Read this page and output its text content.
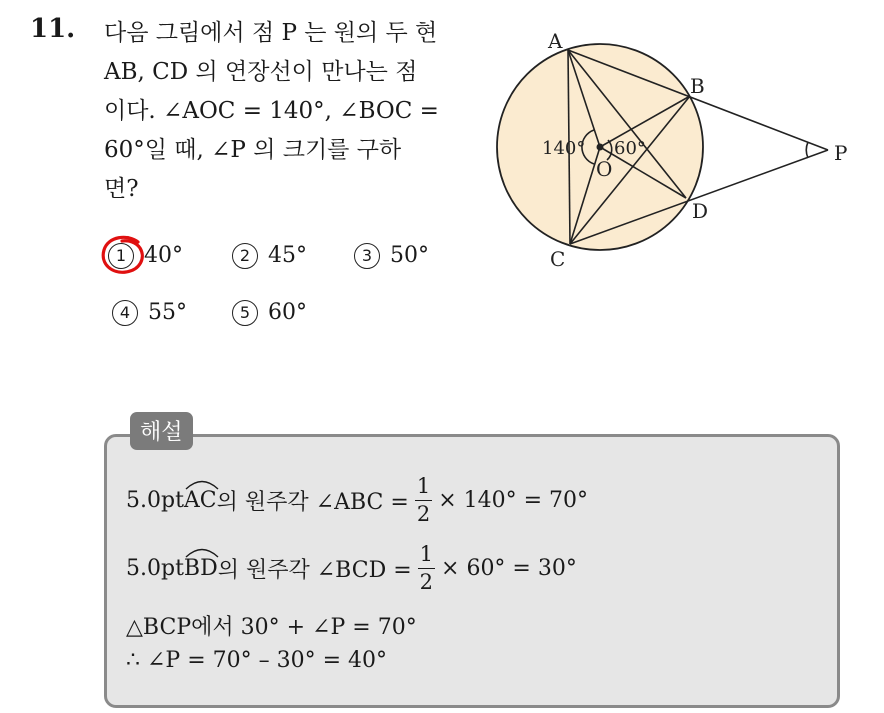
11. 다음 그림에서 점 P 는 원의 두 현
AB, CD 의 연장선이 만나는 점
이다. ∠AOC = 140°, ∠BOC =
60°일 때, ∠P 의 크기를 구하
면?
1 40°	2 45°	3 50°
4 55°	5 60°
A
B
C
D
O
P
140° 60°
해설
5.0pt AC 의 원주각 ∠ABC = $\frac{1}{2} \times 140^\circ = 70^\circ$
5.0pt BD 의 원주각 ∠BCD = $\frac{1}{2} \times 60^\circ = 30^\circ$
△BCP에서 30° + ∠P = 70°
∴ ∠P = 70° – 30° = 40°
